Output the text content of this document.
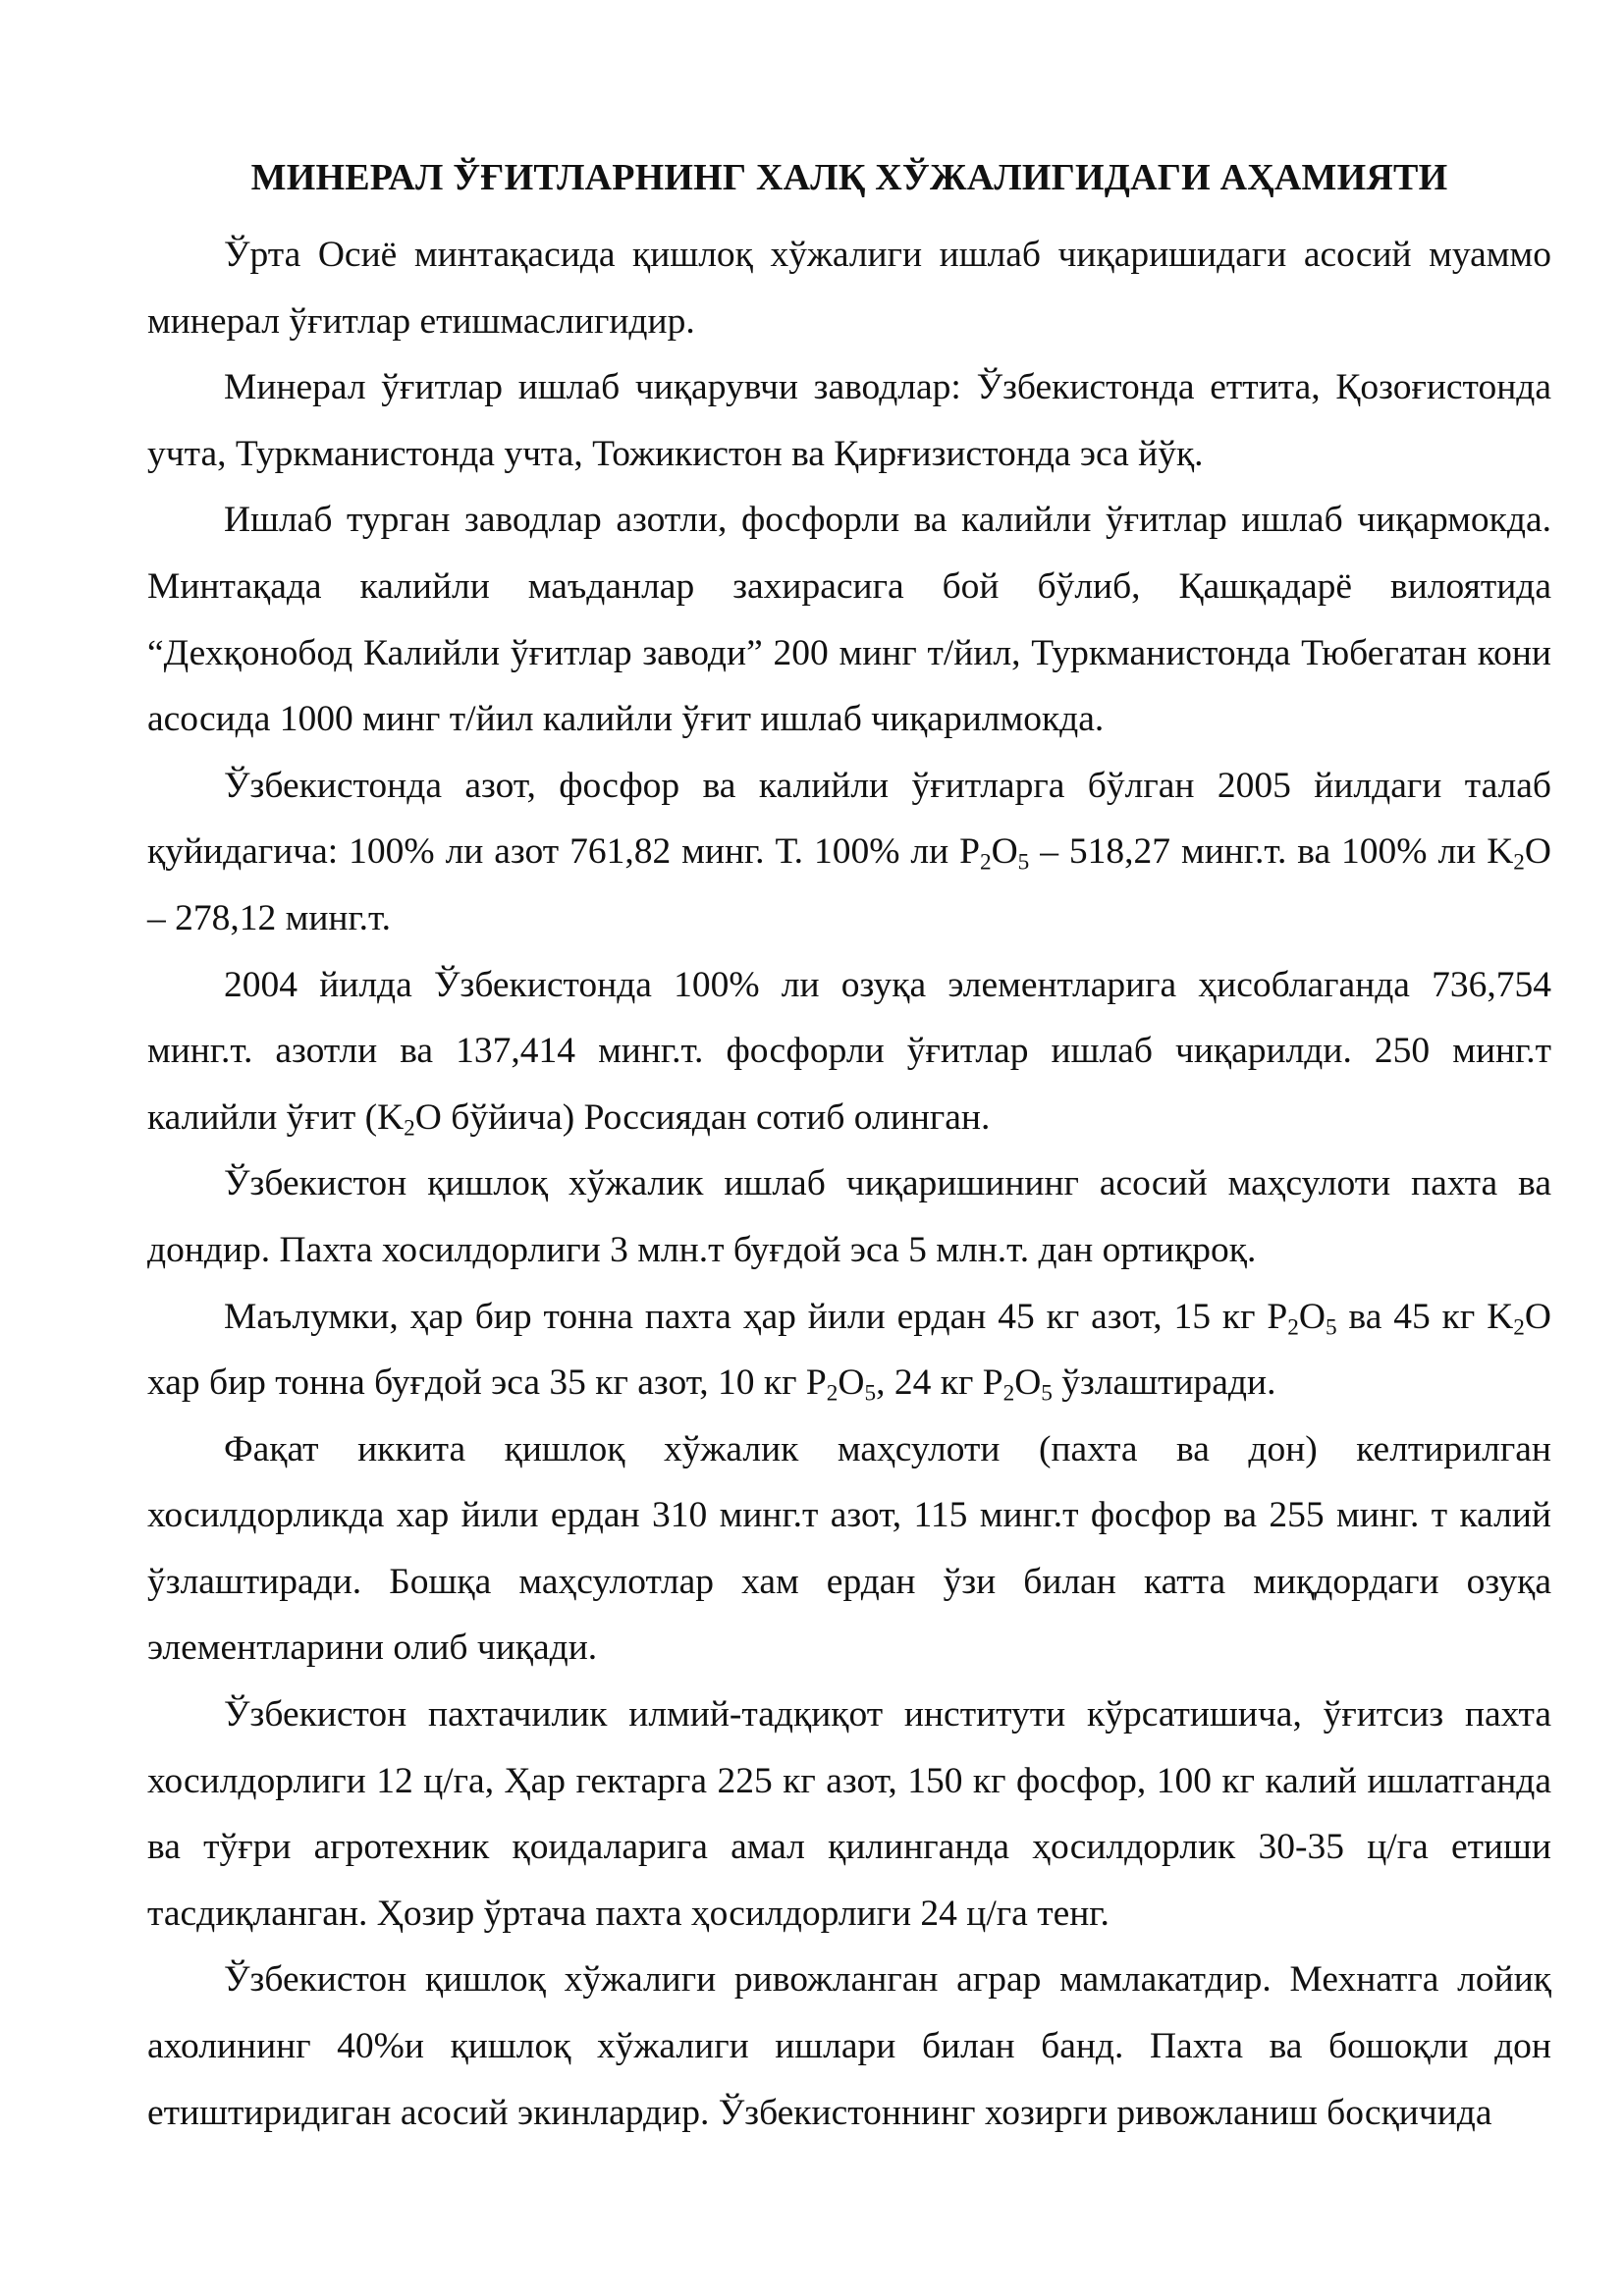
МИНЕРАЛ ЎҒИТЛАРНИНГ ХАЛҚ ХЎЖАЛИГИДАГИ АҲАМИЯТИ

Ўрта Осиё минтақасида қишлоқ хўжалиги ишлаб чиқаришидаги асосий муаммо минерал ўғитлар етишмаслигидир.

Минерал ўғитлар ишлаб чиқарувчи заводлар: Ўзбекистонда еттита, Қозоғистонда учта, Туркманистонда учта, Тожикистон ва Қирғизистонда эса йўқ.

Ишлаб турган заводлар азотли, фосфорли ва калийли ўғитлар ишлаб чиқармокда. Минтақада калийли маъданлар захирасига бой бўлиб, Қашқадарё вилоятида “Дехқонобод Калийли ўғитлар заводи” 200 минг т/йил, Туркманистонда Тюбегатан кони асосида 1000 минг т/йил калийли ўғит ишлаб чиқарилмокда.

Ўзбекистонда азот, фосфор ва калийли ўғитларга бўлган 2005 йилдаги талаб қуйидагича: 100% ли азот 761,82 минг. Т. 100% ли $P_2O_5 - 518,27$ минг.т. ва 100% ли $K_2O - 278,12$ минг.т.

2004 йилда Ўзбекистонда 100% ли озуқа элементларига ҳисоблаганда 736,754 минг.т. азотли ва 137,414 минг.т. фосфорли ўғитлар ишлаб чиқарилди. 250 минг.т калийли ўғит ($K_2O$ бўйича) Россиядан сотиб олинган.

Ўзбекистон қишлоқ хўжалик ишлаб чиқаришининг асосий маҳсулоти пахта ва дондир. Пахта хосилдорлиги 3 млн.т буғдой эса 5 млн.т. дан ортиқроқ.

Маълумки, ҳар бир тонна пахта ҳар йили ердан 45 кг азот, 15 кг $P_2O_5$ ва 45 кг $K_2O$ хар бир тонна буғдой эса 35 кг азот, 10 кг $P_2O_5$, 24 кг $P_2O_5$ ўзлаштиради.

Фақат иккита қишлоқ хўжалик маҳсулоти (пахта ва дон) келтирилган хосилдорликда хар йили ердан 310 минг.т азот, 115 минг.т фосфор ва 255 минг. т калий ўзлаштиради. Бошқа маҳсулотлар хам ердан ўзи билан катта миқдордаги озуқа элементларини олиб чиқади.

Ўзбекистон пахтачилик илмий-тадқиқот институти кўрсатишича, ўғитсиз пахта хосилдорлиги 12 ц/га, Ҳар гектарга 225 кг азот, 150 кг фосфор, 100 кг калий ишлатганда ва тўғри агротехник қоидаларига амал қилинганда ҳосилдорлик 30-35 ц/га етиши тасдиқланган. Ҳозир ўртача пахта ҳосилдорлиги 24 ц/га тенг.

Ўзбекистон қишлоқ хўжалиги ривожланган аграр мамлакатдир. Мехнатга лойиқ ахолининг 40%и қишлоқ хўжалиги ишлари билан банд. Пахта ва бошоқли дон етиштиридиган асосий экинлардир. Ўзбекистоннинг хозирги ривожланиш босқичида
